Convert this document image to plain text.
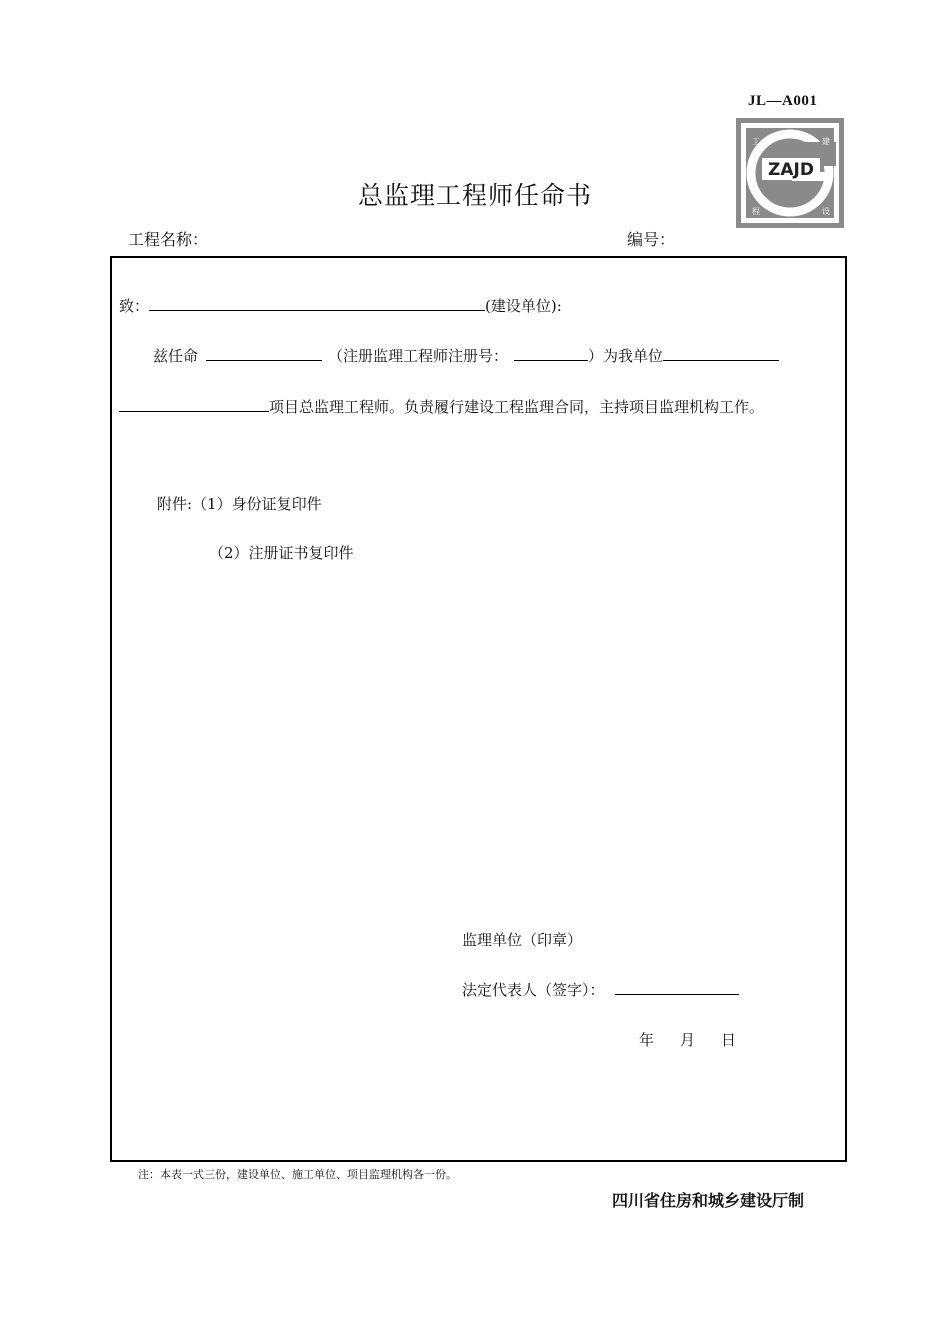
JL—A001
ZAJD
工	建
程	设
总监理工程师任命书
工程名称：	编号：
致：	(建设单位):
兹任命	（注册监理工程师注册号：	）为我单位
项目总监理工程师。负责履行建设工程监理合同，主持项目监理机构工作。
附件:（1）身份证复印件
（2）注册证书复印件
监理单位（印章）
法定代表人（签字）：
年 月 日
注：本表一式三份，建设单位、施工单位、项目监理机构各一份。
四川省住房和城乡建设厅制
